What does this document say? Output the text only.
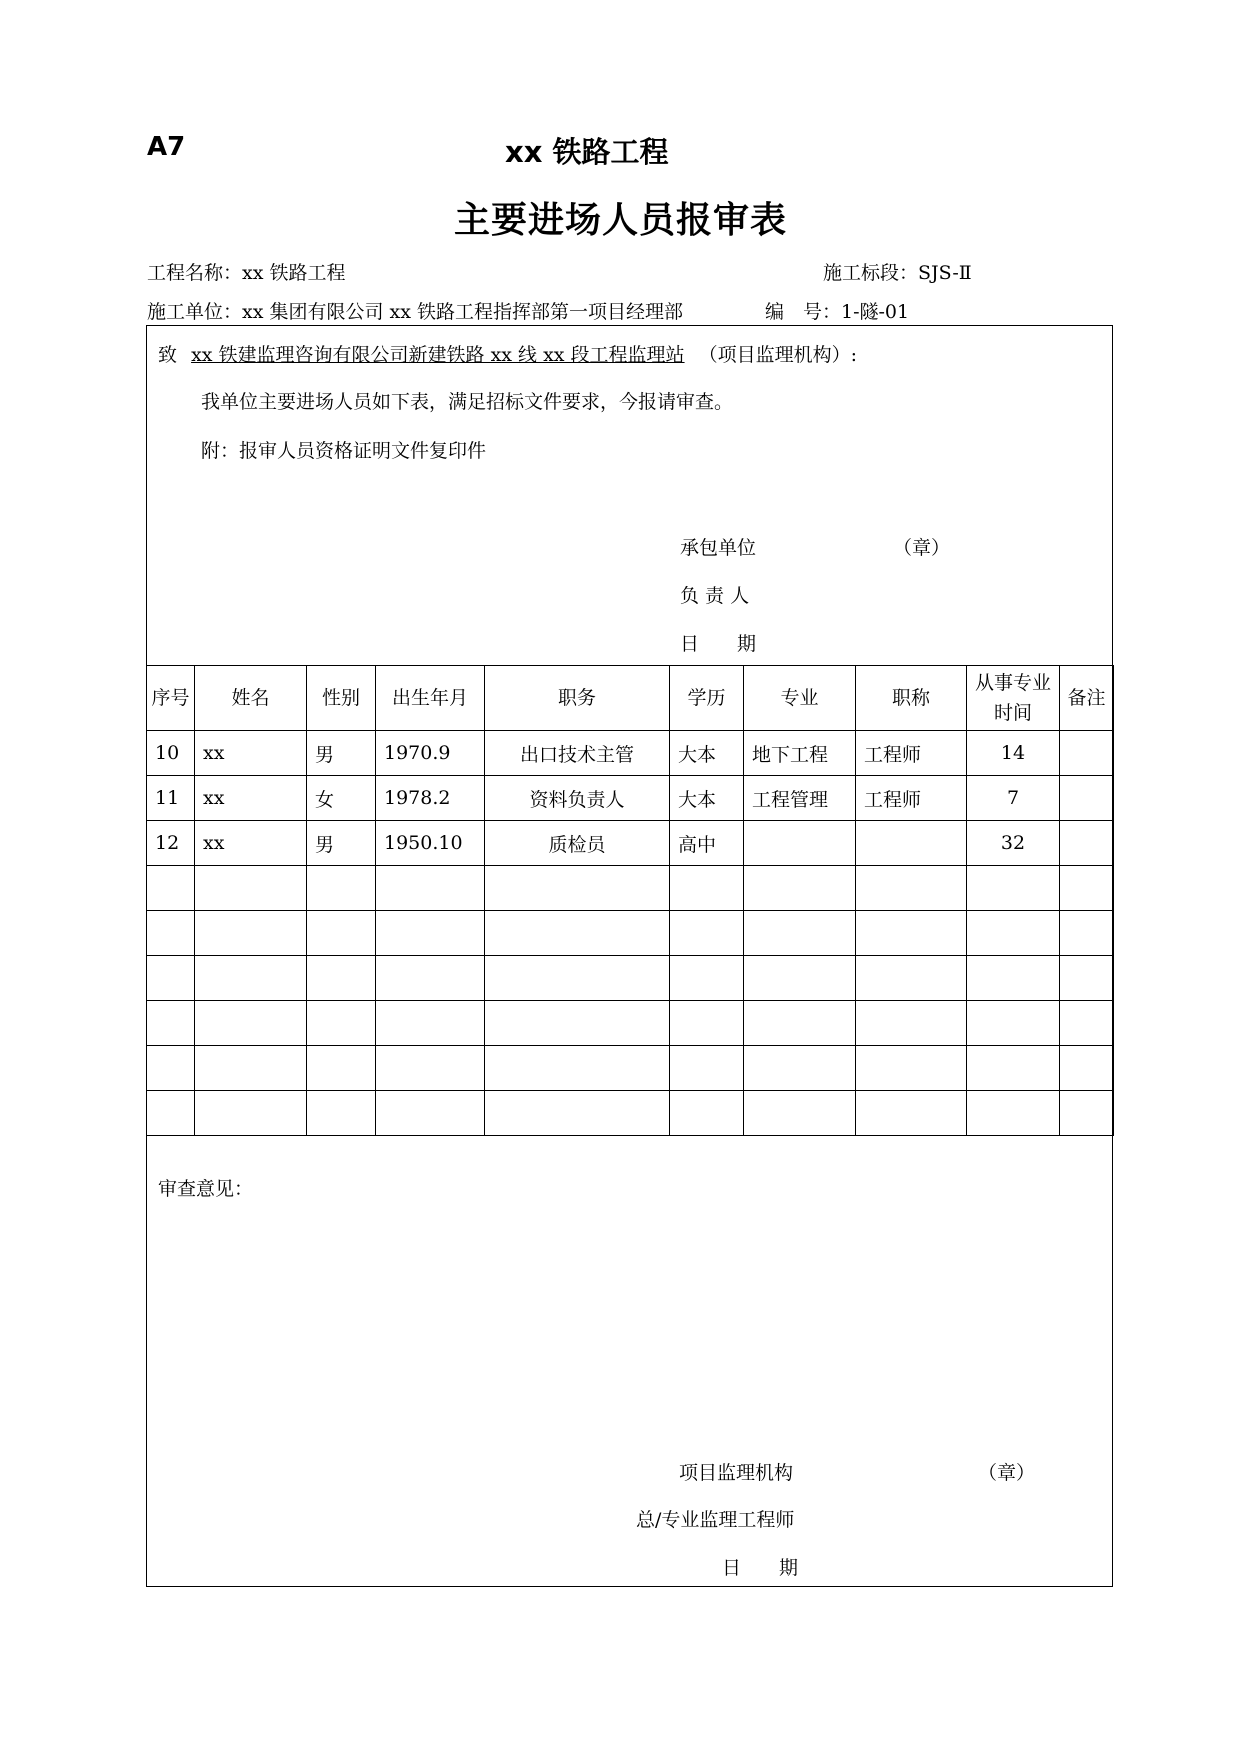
A7	xx 铁路工程
主要进场人员报审表
工程名称：xx 铁路工程	施工标段：SJS-Ⅱ
施工单位：xx 集团有限公司 xx 铁路工程指挥部第一项目经理部	编　号：1-隧-01
致 xx 铁建监理咨询有限公司新建铁路 xx 线 xx 段工程监理站 （项目监理机构）:
我单位主要进场人员如下表，满足招标文件要求，今报请审查。
附：报审人员资格证明文件复印件
承包单位	（章）
负 责 人
日　　期
序号	姓名	性别	出生年月	职务	学历	专业	职称	从事专业时间	备注
10	xx	男	1970.9	出口技术主管	大本	地下工程	工程师	14	
11	xx	女	1978.2	资料负责人	大本	工程管理	工程师	7	
12	xx	男	1950.10	质检员	高中			32	

审查意见：
项目监理机构	（章）
总/专业监理工程师
日　　期
